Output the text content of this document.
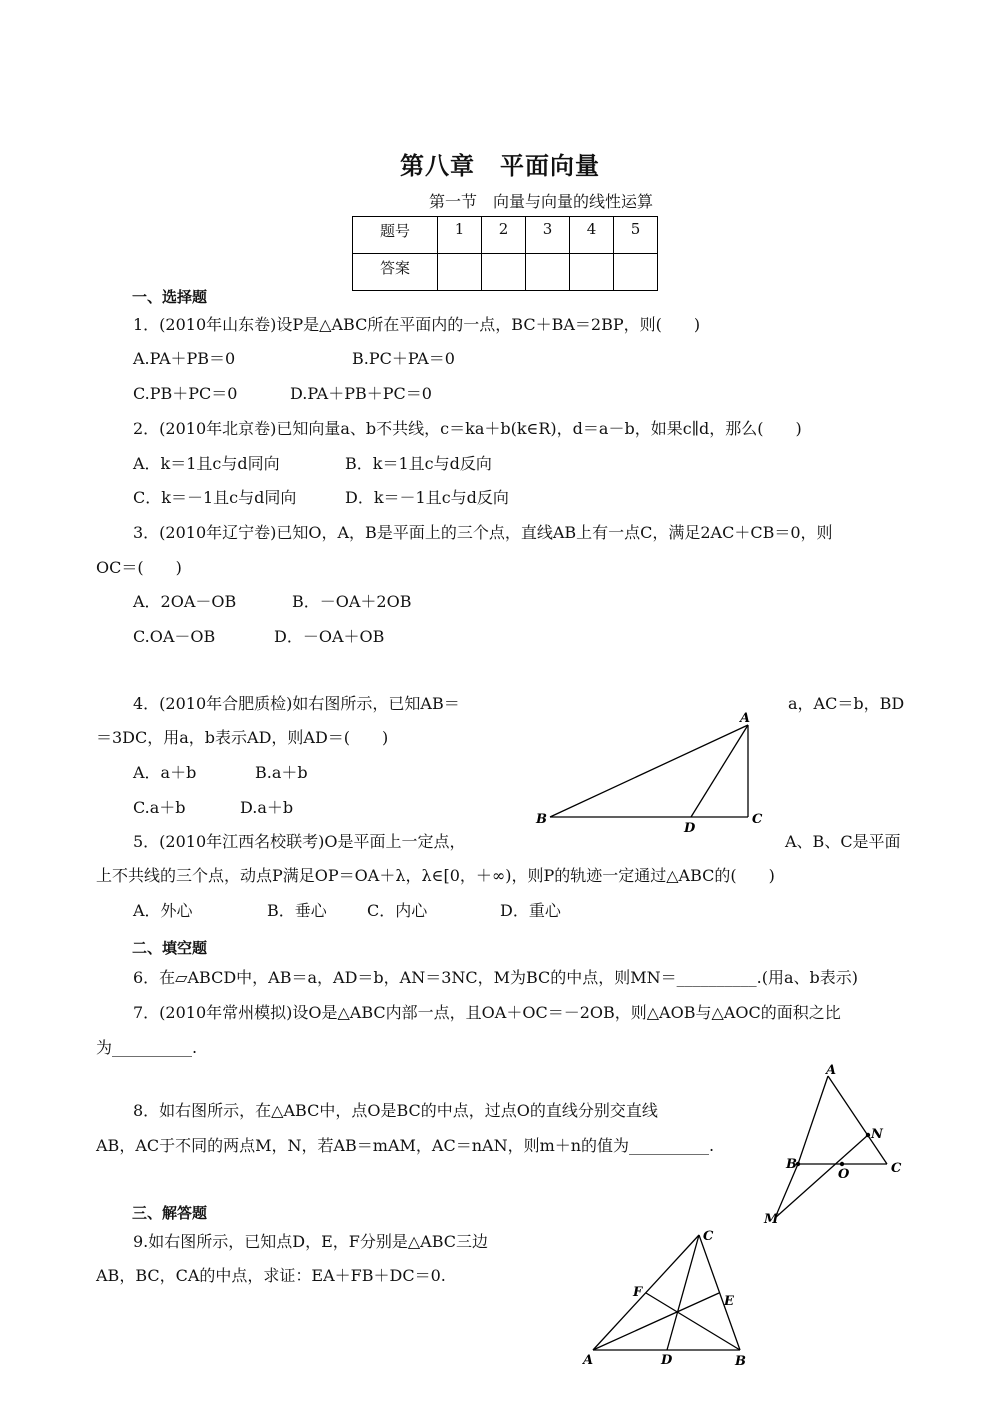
第八章　平面向量
第一节　向量与向量的线性运算
题号	1	2	3	4	5
答案					
一、选择题
1．(2010年山东卷)设P是△ABC所在平面内的一点，BC＋BA＝2BP，则(　　)
A.PA＋PB＝0	B.PC＋PA＝0
C.PB＋PC＝0	D.PA＋PB＋PC＝0
2．(2010年北京卷)已知向量a、b不共线，c＝ka＋b(k∈R)，d＝a－b，如果c∥d，那么(　　)
A．k＝1且c与d同向	B．k＝1且c与d反向
C．k＝－1且c与d同向	D．k＝－1且c与d反向
3．(2010年辽宁卷)已知O，A，B是平面上的三个点，直线AB上有一点C，满足2AC＋CB＝0，则
OC＝(　　)
A．2OA－OB	B．－OA＋2OB
C.OA－OB	D．－OA＋OB
4．(2010年合肥质检)如右图所示，已知AB＝	a，AC＝b，BD
＝3DC，用a，b表示AD，则AD＝(　　)
A．a＋b	B.a＋b
C.a＋b	D.a＋b
A
B	C
D
5．(2010年江西名校联考)O是平面上一定点，	A、B、C是平面
上不共线的三个点，动点P满足OP＝OA＋λ，λ∈[0，＋∞)，则P的轨迹一定通过△ABC的(　　)
A．外心	B．垂心	C．内心	D．重心
二、填空题
6．在▱ABCD中，AB＝a，AD＝b，AN＝3NC，M为BC的中点，则MN＝__________.(用a、b表示)
7．(2010年常州模拟)设O是△ABC内部一点，且OA＋OC＝－2OB，则△AOB与△AOC的面积之比
为__________.
8．如右图所示，在△ABC中，点O是BC的中点，过点O的直线分别交直线
AB，AC于不同的两点M，N，若AB＝mAM，AC＝nAN，则m＋n的值为__________.
A
B	C
N
O
M
三、解答题
9.如右图所示，已知点D，E，F分别是△ABC三边
AB，BC，CA的中点，求证：EA＋FB＋DC＝0.
C
F
E
A	D	B
